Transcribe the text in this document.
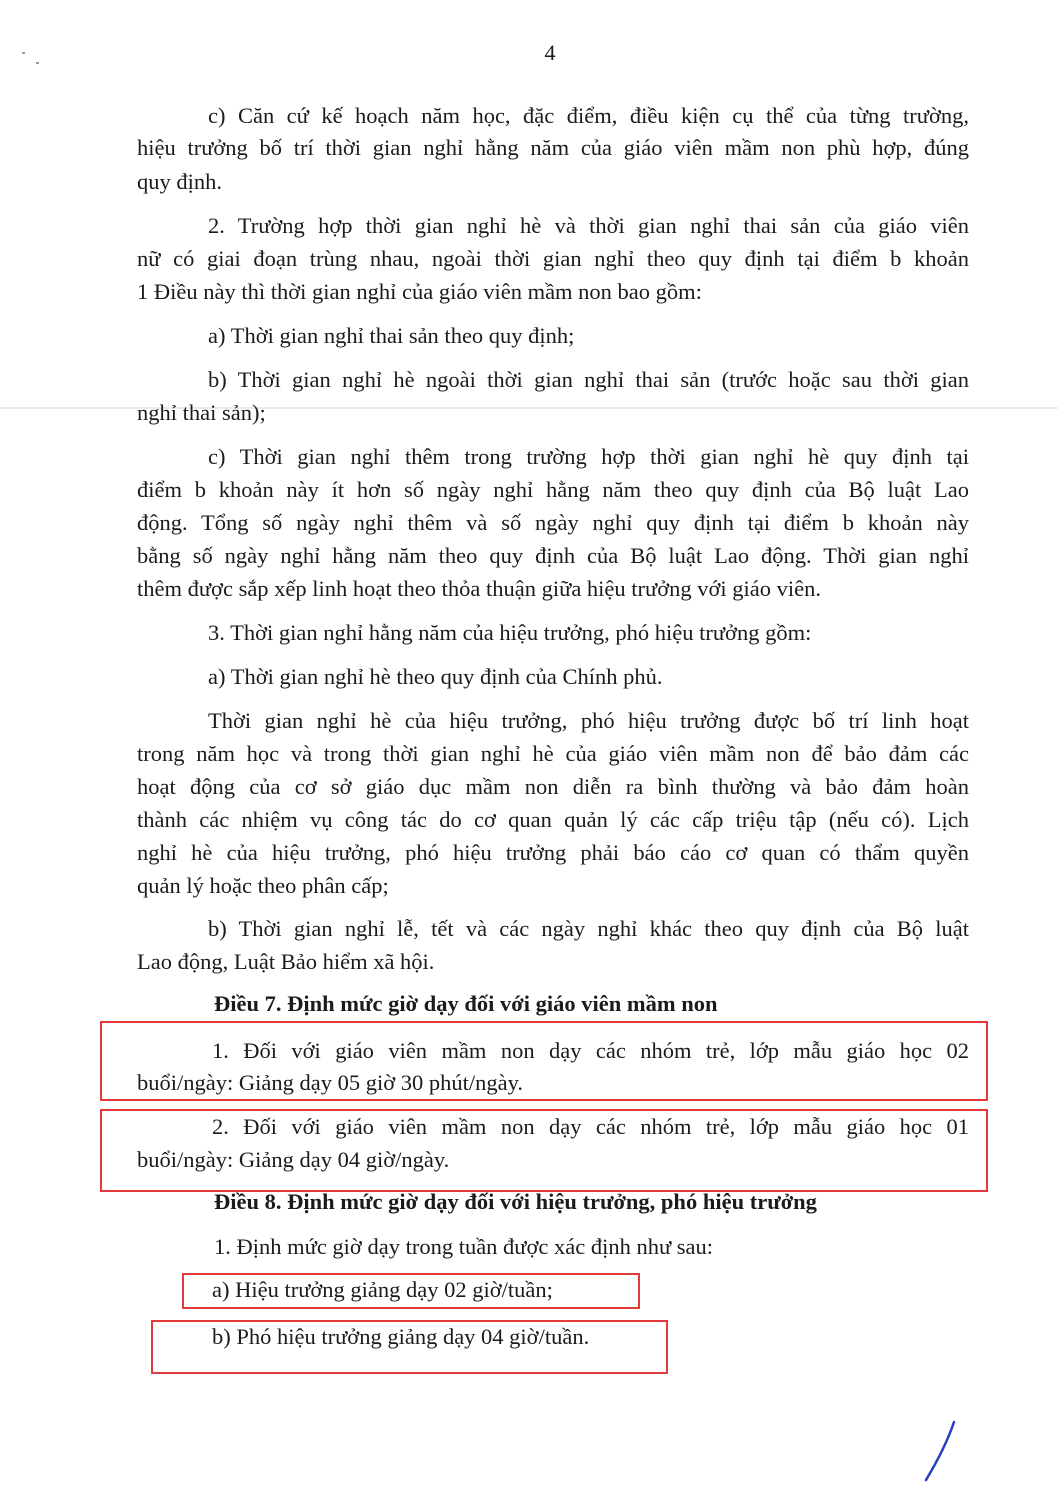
4
c) Căn cứ kế hoạch năm học, đặc điểm, điều kiện cụ thể của từng trường,
hiệu trưởng bố trí thời gian nghỉ hằng năm của giáo viên mầm non phù hợp, đúng
quy định.
2. Trường hợp thời gian nghỉ hè và thời gian nghỉ thai sản của giáo viên
nữ có giai đoạn trùng nhau, ngoài thời gian nghỉ theo quy định tại điểm b khoản
1 Điều này thì thời gian nghỉ của giáo viên mầm non bao gồm:
a) Thời gian nghỉ thai sản theo quy định;
b) Thời gian nghỉ hè ngoài thời gian nghỉ thai sản (trước hoặc sau thời gian
nghỉ thai sản);
c) Thời gian nghỉ thêm trong trường hợp thời gian nghỉ hè quy định tại
điểm b khoản này ít hơn số ngày nghỉ hằng năm theo quy định của Bộ luật Lao
động. Tổng số ngày nghỉ thêm và số ngày nghỉ quy định tại điểm b khoản này
bằng số ngày nghỉ hằng năm theo quy định của Bộ luật Lao động. Thời gian nghỉ
thêm được sắp xếp linh hoạt theo thỏa thuận giữa hiệu trưởng với giáo viên.
3. Thời gian nghỉ hằng năm của hiệu trưởng, phó hiệu trưởng gồm:
a) Thời gian nghỉ hè theo quy định của Chính phủ.
Thời gian nghỉ hè của hiệu trưởng, phó hiệu trưởng được bố trí linh hoạt
trong năm học và trong thời gian nghỉ hè của giáo viên mầm non để bảo đảm các
hoạt động của cơ sở giáo dục mầm non diễn ra bình thường và bảo đảm hoàn
thành các nhiệm vụ công tác do cơ quan quản lý các cấp triệu tập (nếu có). Lịch
nghỉ hè của hiệu trưởng, phó hiệu trưởng phải báo cáo cơ quan có thẩm quyền
quản lý hoặc theo phân cấp;
b) Thời gian nghỉ lễ, tết và các ngày nghỉ khác theo quy định của Bộ luật
Lao động, Luật Bảo hiểm xã hội.
Điều 7. Định mức giờ dạy đối với giáo viên mầm non
1. Đối với giáo viên mầm non dạy các nhóm trẻ, lớp mẫu giáo học 02
buổi/ngày: Giảng dạy 05 giờ 30 phút/ngày.
2. Đối với giáo viên mầm non dạy các nhóm trẻ, lớp mẫu giáo học 01
buổi/ngày: Giảng dạy 04 giờ/ngày.
Điều 8. Định mức giờ dạy đối với hiệu trưởng, phó hiệu trưởng
1. Định mức giờ dạy trong tuần được xác định như sau:
a) Hiệu trưởng giảng dạy 02 giờ/tuần;
b) Phó hiệu trưởng giảng dạy 04 giờ/tuần.
